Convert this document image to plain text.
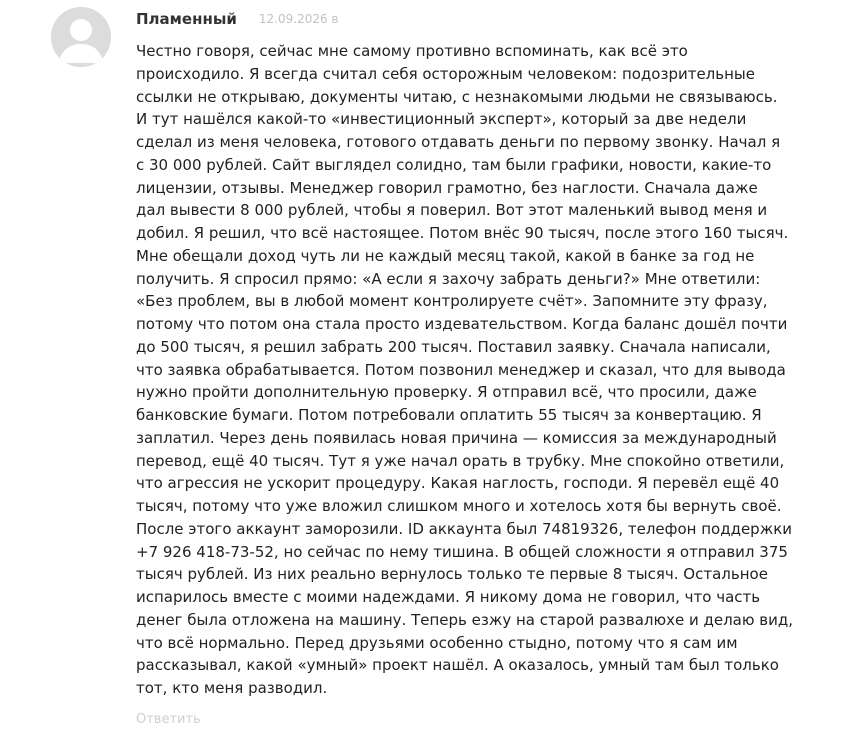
Пламенный 12.09.2026 в

Честно говоря, сейчас мне самому противно вспоминать, как всё это
происходило. Я всегда считал себя осторожным человеком: подозрительные
ссылки не открываю, документы читаю, с незнакомыми людьми не связываюсь.
И тут нашёлся какой-то «инвестиционный эксперт», который за две недели
сделал из меня человека, готового отдавать деньги по первому звонку. Начал я
с 30 000 рублей. Сайт выглядел солидно, там были графики, новости, какие-то
лицензии, отзывы. Менеджер говорил грамотно, без наглости. Сначала даже
дал вывести 8 000 рублей, чтобы я поверил. Вот этот маленький вывод меня и
добил. Я решил, что всё настоящее. Потом внёс 90 тысяч, после этого 160 тысяч.
Мне обещали доход чуть ли не каждый месяц такой, какой в банке за год не
получить. Я спросил прямо: «А если я захочу забрать деньги?» Мне ответили:
«Без проблем, вы в любой момент контролируете счёт». Запомните эту фразу,
потому что потом она стала просто издевательством. Когда баланс дошёл почти
до 500 тысяч, я решил забрать 200 тысяч. Поставил заявку. Сначала написали,
что заявка обрабатывается. Потом позвонил менеджер и сказал, что для вывода
нужно пройти дополнительную проверку. Я отправил всё, что просили, даже
банковские бумаги. Потом потребовали оплатить 55 тысяч за конвертацию. Я
заплатил. Через день появилась новая причина — комиссия за международный
перевод, ещё 40 тысяч. Тут я уже начал орать в трубку. Мне спокойно ответили,
что агрессия не ускорит процедуру. Какая наглость, господи. Я перевёл ещё 40
тысяч, потому что уже вложил слишком много и хотелось хотя бы вернуть своё.
После этого аккаунт заморозили. ID аккаунта был 74819326, телефон поддержки
+7 926 418-73-52, но сейчас по нему тишина. В общей сложности я отправил 375
тысяч рублей. Из них реально вернулось только те первые 8 тысяч. Остальное
испарилось вместе с моими надеждами. Я никому дома не говорил, что часть
денег была отложена на машину. Теперь езжу на старой развалюхе и делаю вид,
что всё нормально. Перед друзьями особенно стыдно, потому что я сам им
рассказывал, какой «умный» проект нашёл. А оказалось, умный там был только
тот, кто меня разводил.

Ответить
